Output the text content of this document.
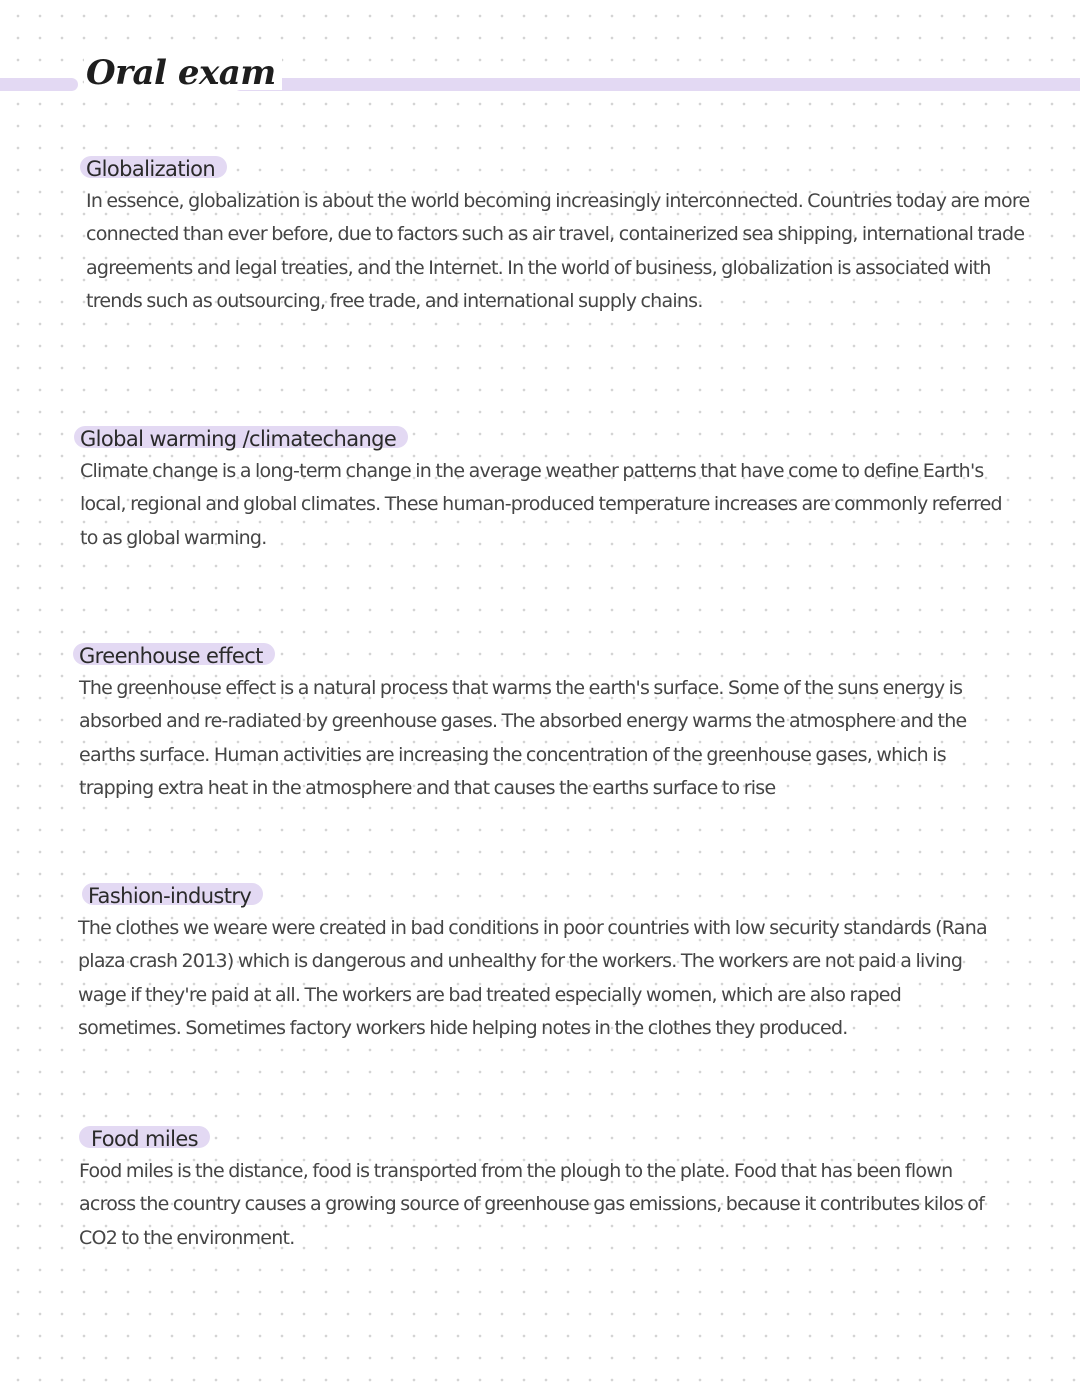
Oral exam
Globalization
In essence, globalization is about the world becoming increasingly interconnected. Countries today are more
connected than ever before, due to factors such as air travel, containerized sea shipping, international trade
agreements and legal treaties, and the Internet. In the world of business, globalization is associated with
trends such as outsourcing, free trade, and international supply chains.
Global warming /climatechange
Climate change is a long-term change in the average weather patterns that have come to define Earth's
local, regional and global climates. These human-produced temperature increases are commonly referred
to as global warming.
Greenhouse effect
The greenhouse effect is a natural process that warms the earth's surface. Some of the suns energy is
absorbed and re-radiated by greenhouse gases. The absorbed energy warms the atmosphere and the
earths surface. Human activities are increasing the concentration of the greenhouse gases, which is
trapping extra heat in the atmosphere and that causes the earths surface to rise
Fashion-industry
The clothes we weare were created in bad conditions in poor countries with low security standards (Rana
plaza crash 2013) which is dangerous and unhealthy for the workers. The workers are not paid a living
wage if they're paid at all. The workers are bad treated especially women, which are also raped
sometimes. Sometimes factory workers hide helping notes in the clothes they produced.
Food miles
Food miles is the distance, food is transported from the plough to the plate. Food that has been flown
across the country causes a growing source of greenhouse gas emissions, because it contributes kilos of
CO2 to the environment.
